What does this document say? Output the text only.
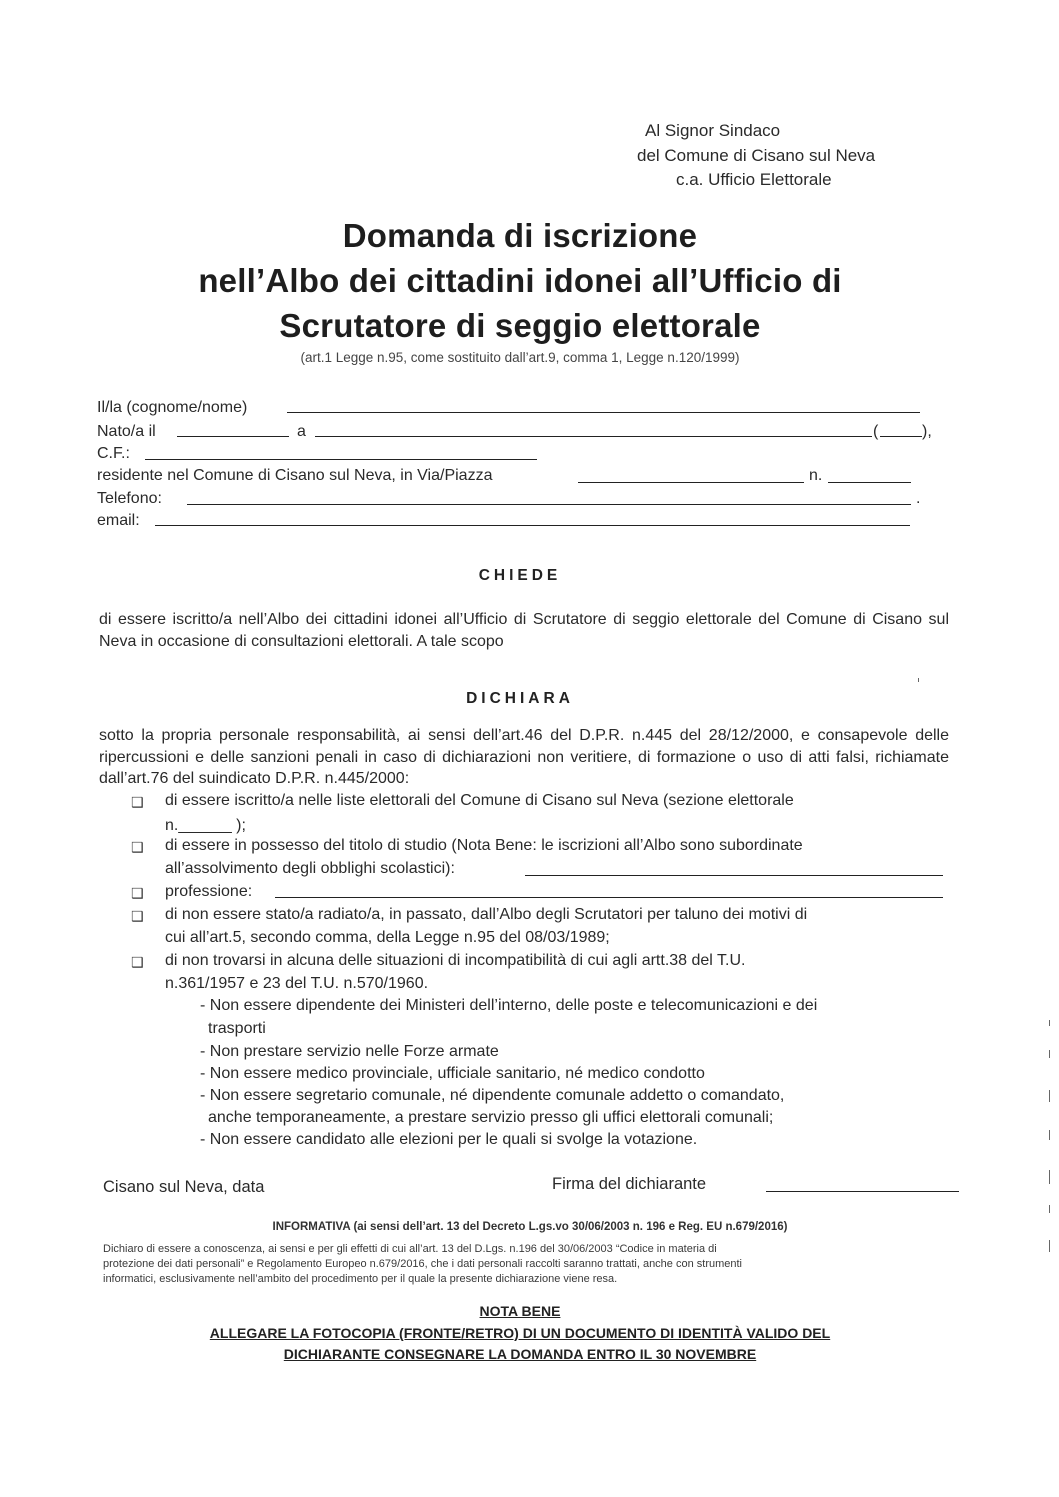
Al Signor Sindaco
del Comune di Cisano sul Neva
c.a. Ufficio Elettorale
Domanda di iscrizione
nell’Albo dei cittadini idonei all’Ufficio di
Scrutatore di seggio elettorale
(art.1 Legge n.95, come sostituito dall’art.9, comma 1, Legge n.120/1999)
Il/la (cognome/nome)
Nato/a il	a	(	),
C.F.:
residente nel Comune di Cisano sul Neva, in Via/Piazza	n.
Telefono:	.
email:
CHIEDE
di essere iscritto/a nell’Albo dei cittadini idonei all’Ufficio di Scrutatore di seggio elettorale del Comune di Cisano sul Neva in occasione di consultazioni elettorali. A tale scopo
DICHIARA
sotto la propria personale responsabilità, ai sensi dell’art.46 del D.P.R. n.445 del 28/12/2000, e consapevole delle ripercussioni e delle sanzioni penali in caso di dichiarazioni non veritiere, di formazione o uso di atti falsi, richiamate dall’art.76 del suindicato D.P.R. n.445/2000:
❑ di essere iscritto/a nelle liste elettorali del Comune di Cisano sul Neva (sezione elettorale
n.______ );
❑ di essere in possesso del titolo di studio (Nota Bene: le iscrizioni all’Albo sono subordinate
all’assolvimento degli obblighi scolastici):
❑ professione:
❑ di non essere stato/a radiato/a, in passato, dall’Albo degli Scrutatori per taluno dei motivi di
cui all’art.5, secondo comma, della Legge n.95 del 08/03/1989;
❑ di non trovarsi in alcuna delle situazioni di incompatibilità di cui agli artt.38 del T.U.
n.361/1957 e 23 del T.U. n.570/1960.
- Non essere dipendente dei Ministeri dell’interno, delle poste e telecomunicazioni e dei
trasporti
- Non prestare servizio nelle Forze armate
- Non essere medico provinciale, ufficiale sanitario, né medico condotto
- Non essere segretario comunale, né dipendente comunale addetto o comandato,
anche temporaneamente, a prestare servizio presso gli uffici elettorali comunali;
- Non essere candidato alle elezioni per le quali si svolge la votazione.
Cisano sul Neva, data	Firma del dichiarante
INFORMATIVA (ai sensi dell’art. 13 del Decreto L.gs.vo 30/06/2003 n. 196 e Reg. EU n.679/2016)
Dichiaro di essere a conoscenza, ai sensi e per gli effetti di cui all’art. 13 del D.Lgs. n.196 del 30/06/2003 “Codice in materia di
protezione dei dati personali” e Regolamento Europeo n.679/2016, che i dati personali raccolti saranno trattati, anche con strumenti
informatici, esclusivamente nell’ambito del procedimento per il quale la presente dichiarazione viene resa.
NOTA BENE
ALLEGARE LA FOTOCOPIA (FRONTE/RETRO) DI UN DOCUMENTO DI IDENTITÀ VALIDO DEL
DICHIARANTE CONSEGNARE LA DOMANDA ENTRO IL 30 NOVEMBRE
